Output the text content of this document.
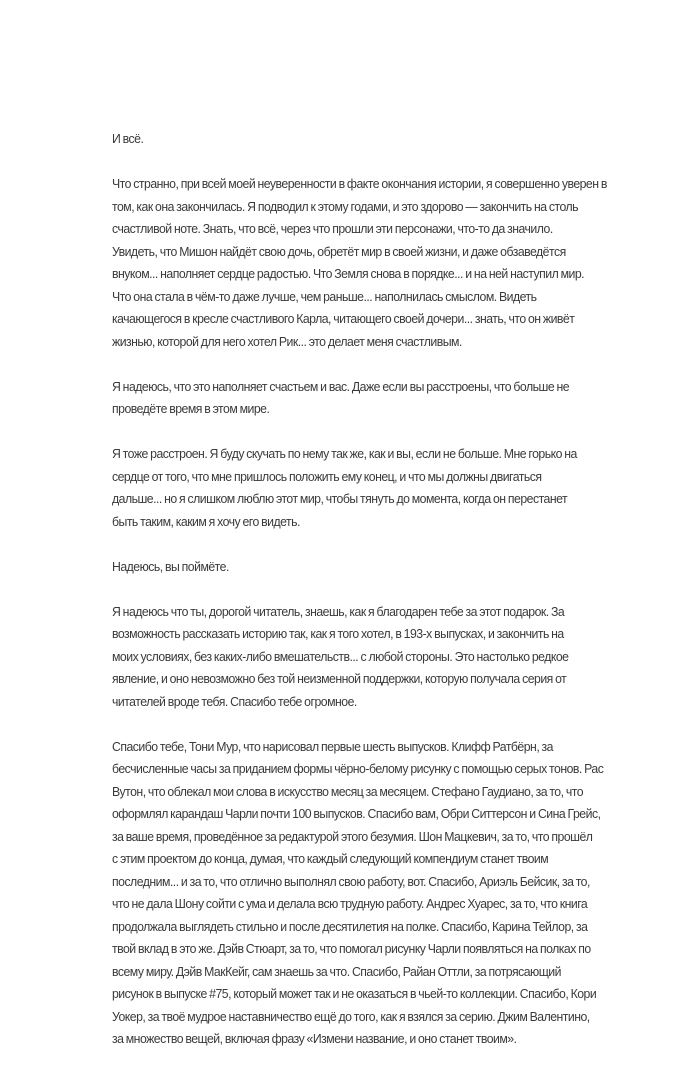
И всё.
Что странно, при всей моей неуверенности в факте окончания истории, я совершенно уверен в
том, как она закончилась. Я подводил к этому годами, и это здорово — закончить на столь
счастливой ноте. Знать, что всё, через что прошли эти персонажи, что-то да значило.
Увидеть, что Мишон найдёт свою дочь, обретёт мир в своей жизни, и даже обзаведётся
внуком... наполняет сердце радостью. Что Земля снова в порядке... и на ней наступил мир.
Что она стала в чём-то даже лучше, чем раньше... наполнилась смыслом. Видеть
качающегося в кресле счастливого Карла, читающего своей дочери... знать, что он живёт
жизнью, которой для него хотел Рик... это делает меня счастливым.
Я надеюсь, что это наполняет счастьем и вас. Даже если вы расстроены, что больше не
проведёте время в этом мире.
Я тоже расстроен. Я буду скучать по нему так же, как и вы, если не больше. Мне горько на
сердце от того, что мне пришлось положить ему конец, и что мы должны двигаться
дальше... но я слишком люблю этот мир, чтобы тянуть до момента, когда он перестанет
быть таким, каким я хочу его видеть.
Надеюсь, вы поймёте.
Я надеюсь что ты, дорогой читатель, знаешь, как я благодарен тебе за этот подарок. За
возможность рассказать историю так, как я того хотел, в 193-х выпусках, и закончить на
моих условиях, без каких-либо вмешательств... с любой стороны. Это настолько редкое
явление, и оно невозможно без той неизменной поддержки, которую получала серия от
читателей вроде тебя. Спасибо тебе огромное.
Спасибо тебе, Тони Мур, что нарисовал первые шесть выпусков. Клифф Ратбёрн, за
бесчисленные часы за приданием формы чёрно-белому рисунку с помощью серых тонов. Рас
Вутон, что облекал мои слова в искусство месяц за месяцем. Стефано Гаудиано, за то, что
оформлял карандаш Чарли почти 100 выпусков. Спасибо вам, Обри Ситтерсон и Сина Грейс,
за ваше время, проведённое за редактурой этого безумия. Шон Мацкевич, за то, что прошёл
с этим проектом до конца, думая, что каждый следующий компендиум станет твоим
последним... и за то, что отлично выполнял свою работу, вот. Спасибо, Ариэль Бейсик, за то,
что не дала Шону сойти с ума и делала всю трудную работу. Андрес Хуарес, за то, что книга
продолжала выглядеть стильно и после десятилетия на полке. Спасибо, Карина Тейлор, за
твой вклад в это же. Дэйв Стюарт, за то, что помогал рисунку Чарли появляться на полках по
всему миру. Дэйв МакКейг, сам знаешь за что. Спасибо, Райан Оттли, за потрясающий
рисунок в выпуске #75, который может так и не оказаться в чьей-то коллекции. Спасибо, Кори
Уокер, за твоё мудрое наставничество ещё до того, как я взялся за серию. Джим Валентино,
за множество вещей, включая фразу «Измени название, и оно станет твоим».
